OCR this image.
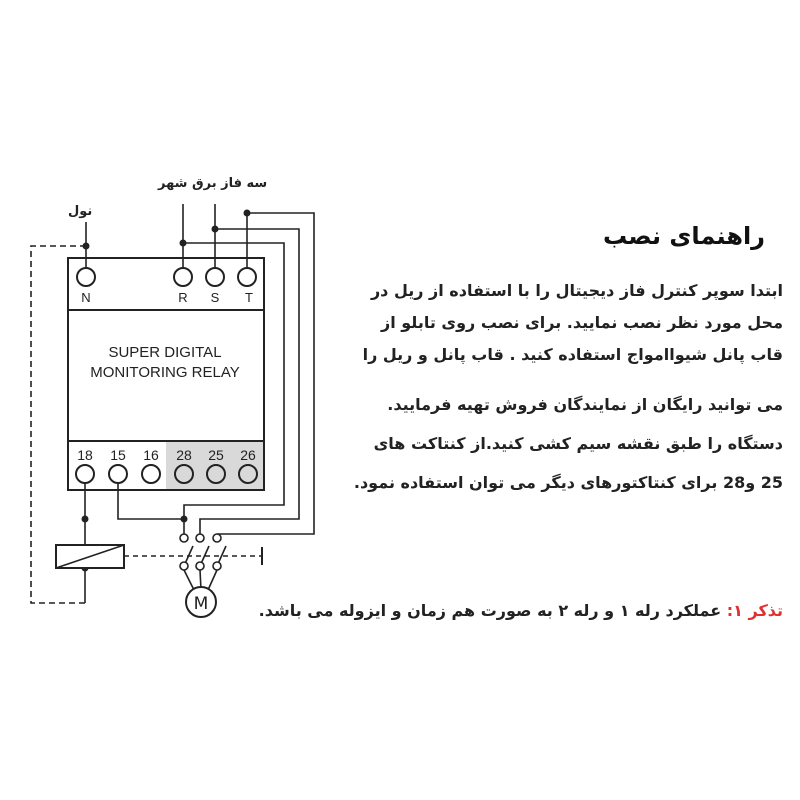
SUPER DIGITAL
MONITORING RELAY
N	R S T
18 15 16 28 25 26
M
سه فاز برق شهر
نول
راهنمای نصب
ابتدا سوپر کنترل فاز دیجیتال را با استفاده از ریل در
محل مورد نظر نصب نمایید. برای نصب روی تابلو از
قاب پانل شیواامواج استفاده کنید . قاب پانل و ریل را
می توانید رایگان از نمایندگان فروش تهیه فرمایید.
دستگاه را طبق نقشه سیم کشی کنید.از کنتاکت های
25 و28 برای کنتاکتورهای دیگر می توان استفاده نمود.
تذکر ۱: عملکرد رله ۱ و رله ۲ به صورت هم زمان و ایزوله می باشد.
